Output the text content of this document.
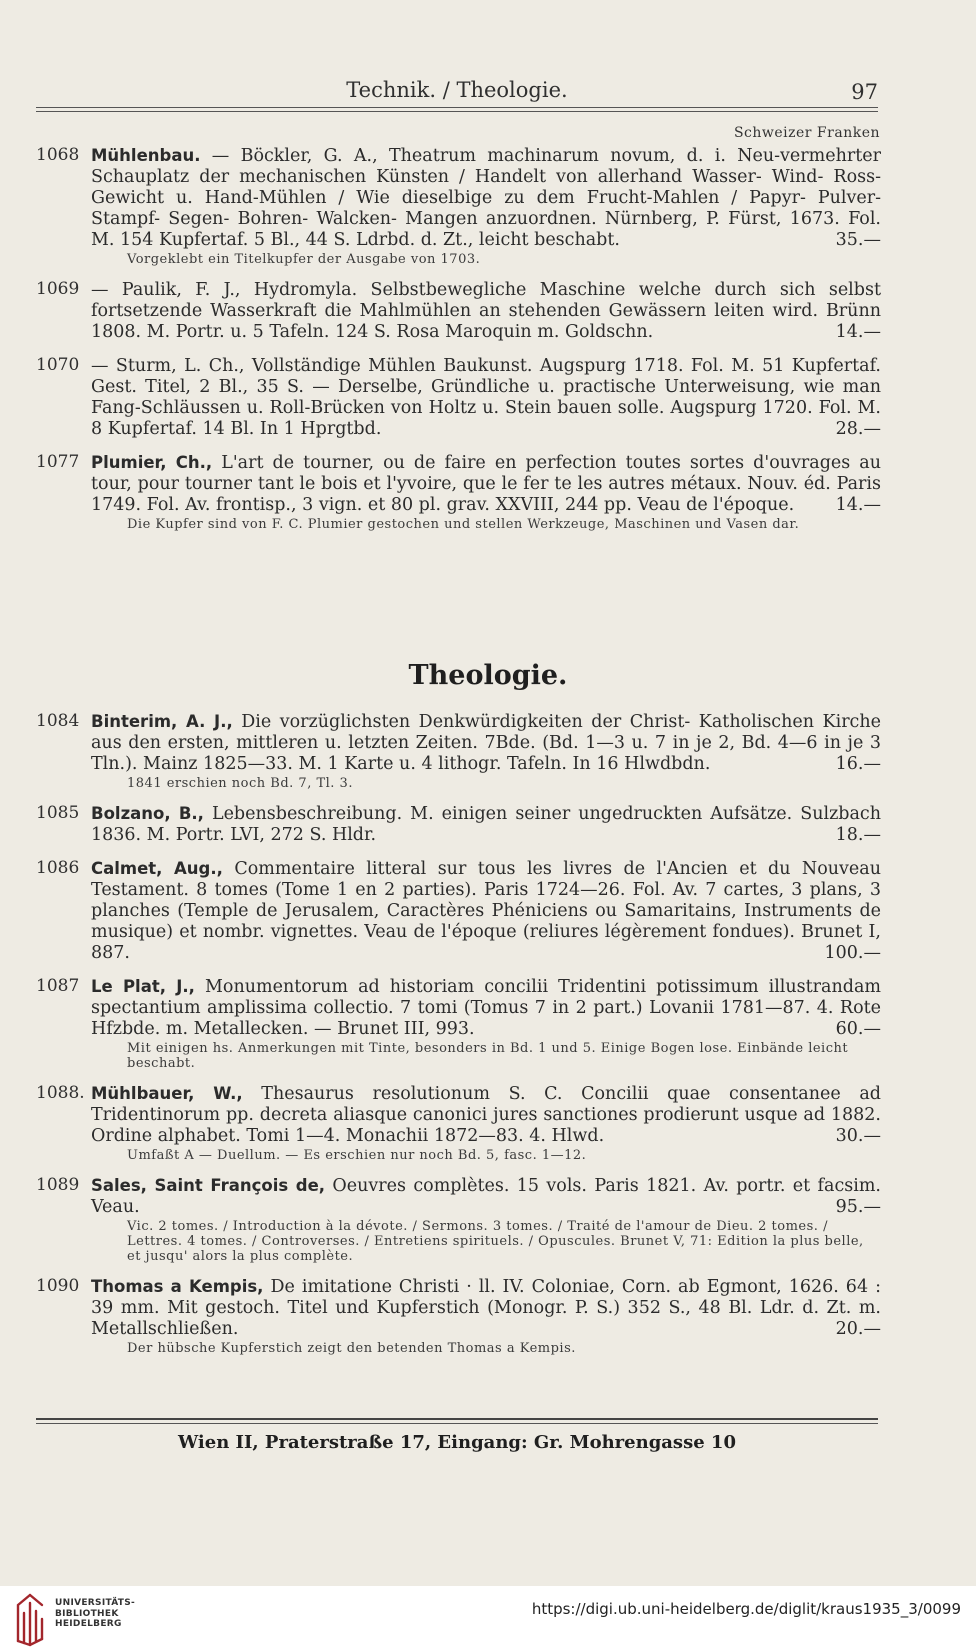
Technik. / Theologie.	97
Schweizer Franken
1068 Mühlenbau. — Böckler, G. A., Theatrum machinarum novum, d. i. Neu-vermehrter Schauplatz der mechanischen Künsten / Handelt von allerhand Wasser- Wind- Ross- Gewicht u. Hand-Mühlen / Wie dieselbige zu dem Frucht-Mahlen / Papyr- Pulver- Stampf- Segen- Bohren- Walcken- Mangen anzuordnen. Nürnberg, P. Fürst, 1673. Fol. M. 154 Kupfertaf. 5 Bl., 44 S. Ldrbd. d. Zt., leicht beschabt.	35.—
Vorgeklebt ein Titelkupfer der Ausgabe von 1703.
1069 — Paulik, F. J., Hydromyla. Selbstbewegliche Maschine welche durch sich selbst fortsetzende Wasserkraft die Mahlmühlen an stehenden Gewässern leiten wird. Brünn 1808. M. Portr. u. 5 Tafeln. 124 S. Rosa Maroquin m. Goldschn.	14.—
1070 — Sturm, L. Ch., Vollständige Mühlen Baukunst. Augspurg 1718. Fol. M. 51 Kupfertaf. Gest. Titel, 2 Bl., 35 S. — Derselbe, Gründliche u. practische Unterweisung, wie man Fang-Schläussen u. Roll-Brücken von Holtz u. Stein bauen solle. Augspurg 1720. Fol. M. 8 Kupfertaf. 14 Bl. In 1 Hprgtbd.	28.—
1077 Plumier, Ch., L'art de tourner, ou de faire en perfection toutes sortes d'ouvrages au tour, pour tourner tant le bois et l'yvoire, que le fer te les autres métaux. Nouv. éd. Paris 1749. Fol. Av. frontisp., 3 vign. et 80 pl. grav. XXVIII, 244 pp. Veau de l'époque. 14.—
Die Kupfer sind von F. C. Plumier gestochen und stellen Werkzeuge, Maschinen und Vasen dar.
Theologie.
1084 Binterim, A. J., Die vorzüglichsten Denkwürdigkeiten der Christ- Katholischen Kirche aus den ersten, mittleren u. letzten Zeiten. 7Bde. (Bd. 1—3 u. 7 in je 2, Bd. 4—6 in je 3 Tln.). Mainz 1825—33. M. 1 Karte u. 4 lithogr. Tafeln. In 16 Hlwdbdn.	16.—
1841 erschien noch Bd. 7, Tl. 3.
1085 Bolzano, B., Lebensbeschreibung. M. einigen seiner ungedruckten Aufsätze. Sulzbach 1836. M. Portr. LVI, 272 S. Hldr.	18.—
1086 Calmet, Aug., Commentaire litteral sur tous les livres de l'Ancien et du Nouveau Testament. 8 tomes (Tome 1 en 2 parties). Paris 1724—26. Fol. Av. 7 cartes, 3 plans, 3 planches (Temple de Jerusalem, Caractères Phéniciens ou Samaritains, Instruments de musique) et nombr. vignettes. Veau de l'époque (reliures légèrement fondues). Brunet I, 887.	100.—
1087 Le Plat, J., Monumentorum ad historiam concilii Tridentini potissimum illustrandam spectantium amplissima collectio. 7 tomi (Tomus 7 in 2 part.) Lovanii 1781—87. 4. Rote Hfzbde. m. Metallecken. — Brunet III, 993.	60.—
Mit einigen hs. Anmerkungen mit Tinte, besonders in Bd. 1 und 5. Einige Bogen lose. Einbände leicht beschabt.
1088. Mühlbauer, W., Thesaurus resolutionum S. C. Concilii quae consentanee ad Tridentinorum pp. decreta aliasque canonici jures sanctiones prodierunt usque ad 1882. Ordine alphabet. Tomi 1—4. Monachii 1872—83. 4. Hlwd.	30.—
Umfaßt A — Duellum. — Es erschien nur noch Bd. 5, fasc. 1—12.
1089 Sales, Saint François de, Oeuvres complètes. 15 vols. Paris 1821. Av. portr. et facsim. Veau.	95.—
Vic. 2 tomes. / Introduction à la dévote. / Sermons. 3 tomes. / Traité de l'amour de Dieu. 2 tomes. / Lettres. 4 tomes. / Controverses. / Entretiens spirituels. / Opuscules. Brunet V, 71: Edition la plus belle, et jusqu' alors la plus complète.
1090 Thomas a Kempis, De imitatione Christi · ll. IV. Coloniae, Corn. ab Egmont, 1626. 64 : 39 mm. Mit gestoch. Titel und Kupferstich (Monogr. P. S.) 352 S., 48 Bl. Ldr. d. Zt. m. Metallschließen.	20.—
Der hübsche Kupferstich zeigt den betenden Thomas a Kempis.
Wien II, Praterstraße 17, Eingang: Gr. Mohrengasse 10
UNIVERSITÄTS-
BIBLIOTHEK
HEIDELBERG
https://digi.ub.uni-heidelberg.de/diglit/kraus1935_3/0099
